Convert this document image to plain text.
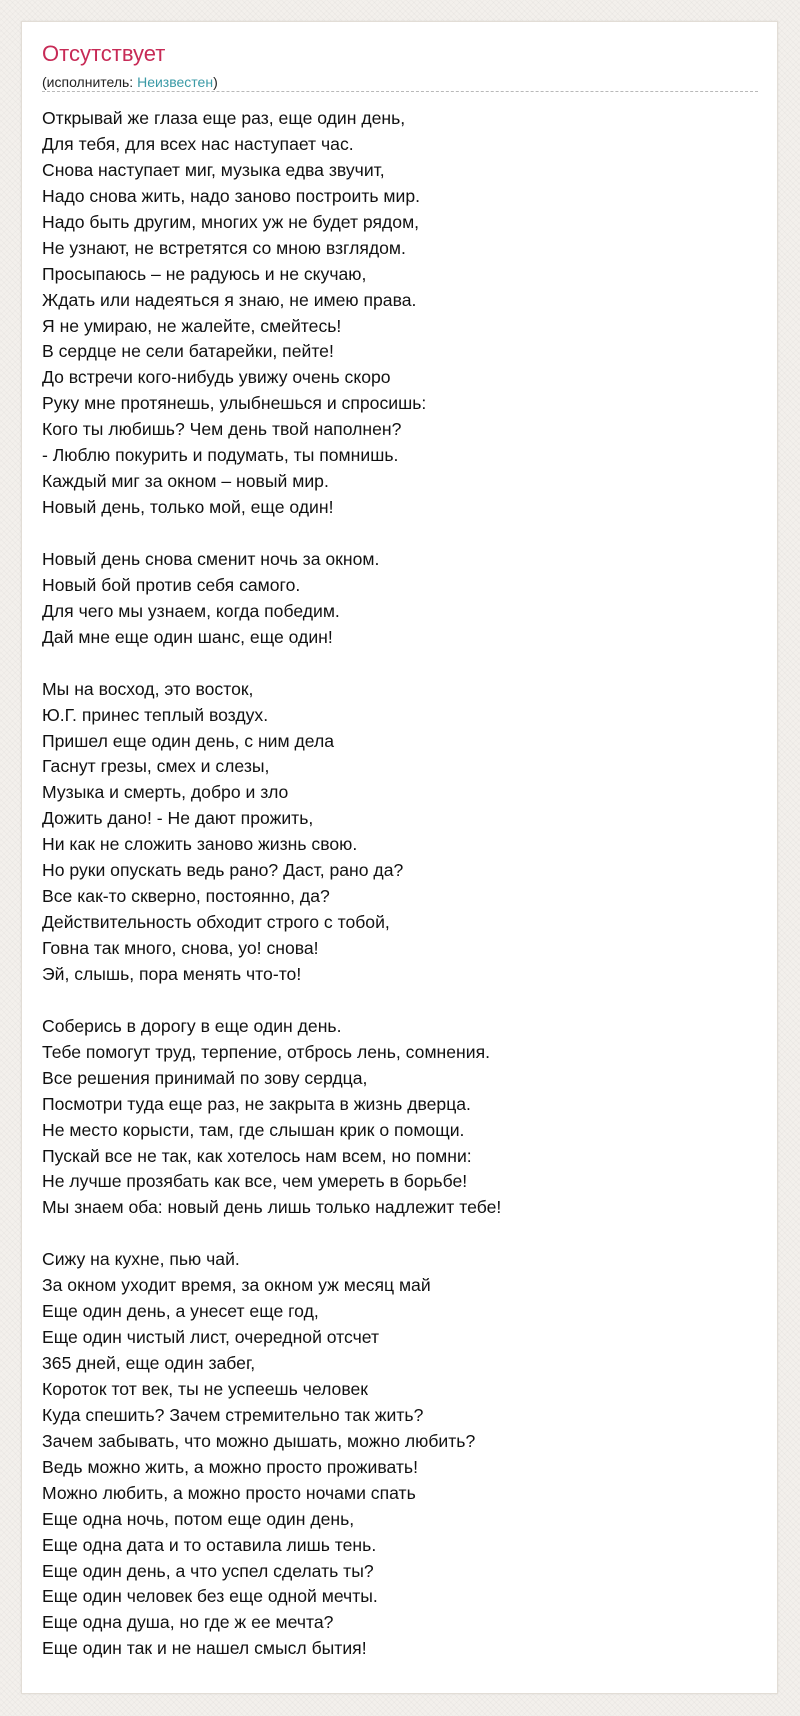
Отсутствует
(исполнитель: Неизвестен)
Открывай же глаза еще раз, еще один день,
Для тебя, для всех нас наступает час.
Снова наступает миг, музыка едва звучит,
Надо снова жить, надо заново построить мир.
Надо быть другим, многих уж не будет рядом,
Не узнают, не встретятся со мною взглядом.
Просыпаюсь – не радуюсь и не скучаю,
Ждать или надеяться я знаю, не имею права.
Я не умираю, не жалейте, смейтесь!
В сердце не сели батарейки, пейте!
До встречи кого-нибудь увижу очень скоро
Руку мне протянешь, улыбнешься и спросишь:
Кого ты любишь? Чем день твой наполнен?
- Люблю покурить и подумать, ты помнишь.
Каждый миг за окном – новый мир.
Новый день, только мой, еще один!
Новый день снова сменит ночь за окном.
Новый бой против себя самого.
Для чего мы узнаем, когда победим.
Дай мне еще один шанс, еще один!
Мы на восход, это восток,
Ю.Г. принес теплый воздух.
Пришел еще один день, с ним дела
Гаснут грезы, смех и слезы,
Музыка и смерть, добро и зло
Дожить дано! - Не дают прожить,
Ни как не сложить заново жизнь свою.
Но руки опускать ведь рано? Даст, рано да?
Все как-то скверно, постоянно, да?
Действительность обходит строго с тобой,
Говна так много, снова, уо! снова!
Эй, слышь, пора менять что-то!
Соберись в дорогу в еще один день.
Тебе помогут труд, терпение, отбрось лень, сомнения.
Все решения принимай по зову сердца,
Посмотри туда еще раз, не закрыта в жизнь дверца.
Не место корысти, там, где слышан крик о помощи.
Пускай все не так, как хотелось нам всем, но помни:
Не лучше прозябать как все, чем умереть в борьбе!
Мы знаем оба: новый день лишь только надлежит тебе!
Сижу на кухне, пью чай.
За окном уходит время, за окном уж месяц май
Еще один день, а унесет еще год,
Еще один чистый лист, очередной отсчет
365 дней, еще один забег,
Короток тот век, ты не успеешь человек
Куда спешить? Зачем стремительно так жить?
Зачем забывать, что можно дышать, можно любить?
Ведь можно жить, а можно просто проживать!
Можно любить, а можно просто ночами спать
Еще одна ночь, потом еще один день,
Еще одна дата и то оставила лишь тень.
Еще один день, а что успел сделать ты?
Еще один человек без еще одной мечты.
Еще одна душа, но где ж ее мечта?
Еще один так и не нашел смысл бытия!
